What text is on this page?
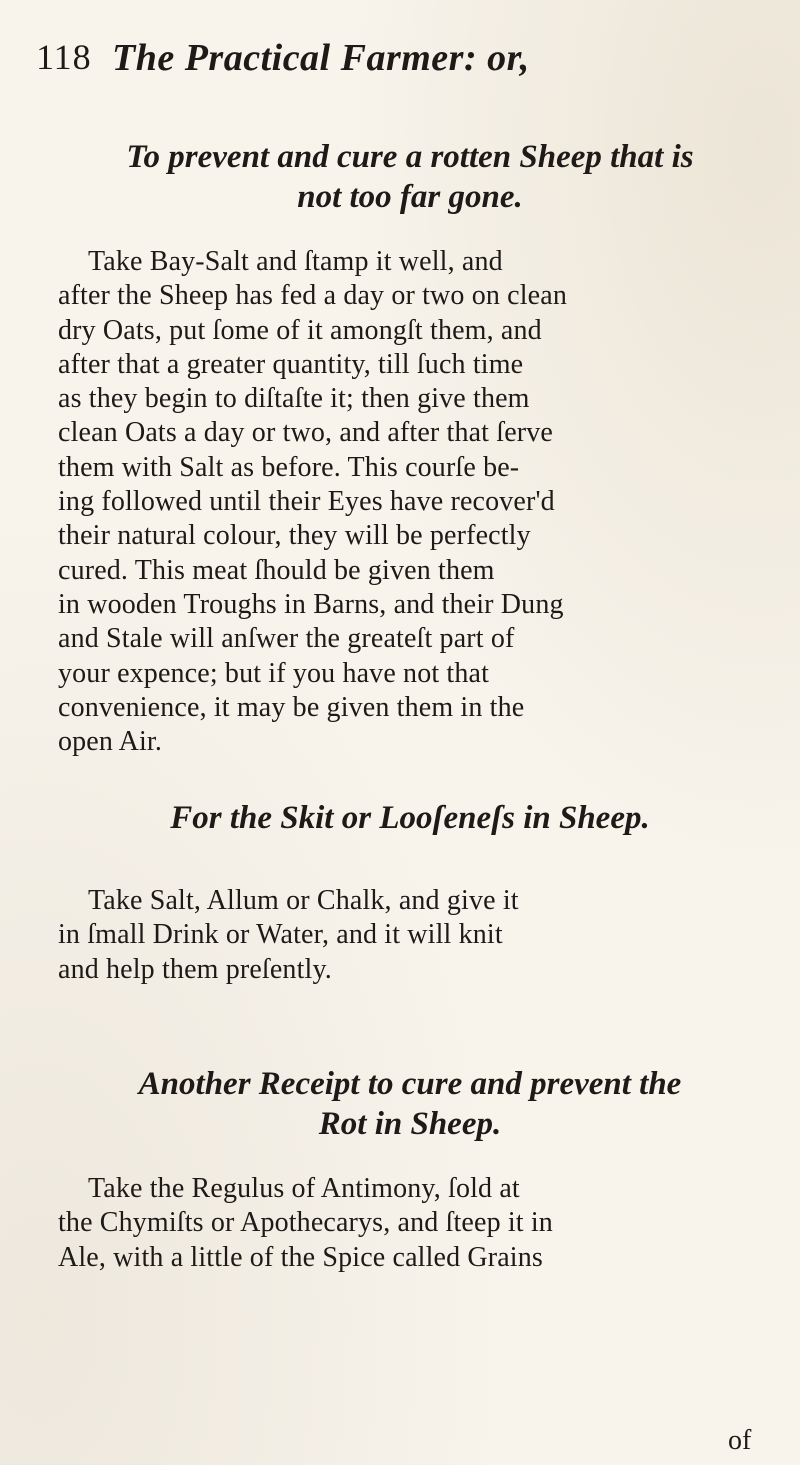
118 The Practical Farmer: or,
To prevent and cure a rotten Sheep that is
not too far gone.
Take Bay-Salt and ſtamp it well, and
after the Sheep has fed a day or two on clean
dry Oats, put ſome of it amongſt them, and
after that a greater quantity, till ſuch time
as they begin to diſtaſte it; then give them
clean Oats a day or two, and after that ſerve
them with Salt as before. This courſe be-
ing followed until their Eyes have recover'd
their natural colour, they will be perfectly
cured. This meat ſhould be given them
in wooden Troughs in Barns, and their Dung
and Stale will anſwer the greateſt part of
your expence; but if you have not that
convenience, it may be given them in the
open Air.
For the Skit or Looſeneſs in Sheep.
Take Salt, Allum or Chalk, and give it
in ſmall Drink or Water, and it will knit
and help them preſently.
Another Receipt to cure and prevent the
Rot in Sheep.
Take the Regulus of Antimony, ſold at
the Chymiſts or Apothecarys, and ſteep it in
Ale, with a little of the Spice called Grains
of
